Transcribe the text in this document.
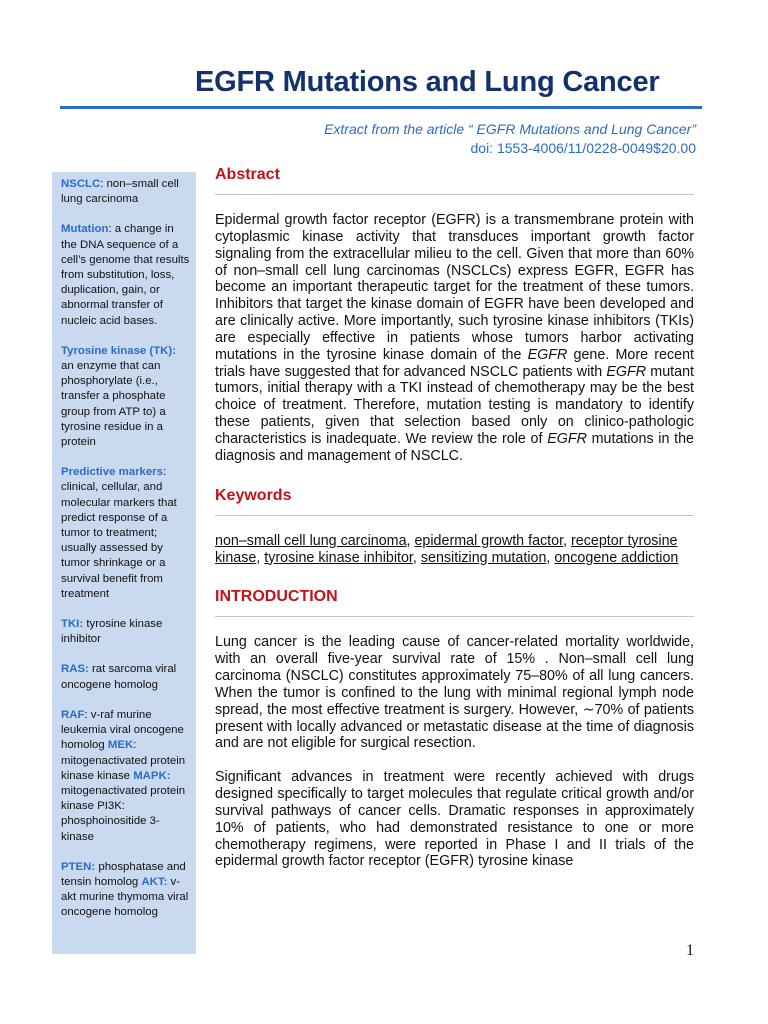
EGFR Mutations and Lung Cancer
Extract from the article “ EGFR Mutations and Lung Cancer”
doi: 1553-4006/11/0228-0049$20.00
NSCLC: non–small cell lung carcinoma
Mutation: a change in the DNA sequence of a cell’s genome that results from substitution, loss, duplication, gain, or abnormal transfer of nucleic acid bases.
Tyrosine kinase (TK): an enzyme that can phosphorylate (i.e., transfer a phosphate group from ATP to) a tyrosine residue in a protein
Predictive markers: clinical, cellular, and molecular markers that predict response of a tumor to treatment; usually assessed by tumor shrinkage or a survival benefit from treatment
TKI: tyrosine kinase inhibitor
RAS: rat sarcoma viral oncogene homolog
RAF: v-raf murine leukemia viral oncogene homolog MEK: mitogenactivated protein kinase kinase MAPK: mitogenactivated protein kinase PI3K: phosphoinositide 3-kinase
PTEN: phosphatase and tensin homolog AKT: v-akt murine thymoma viral oncogene homolog
Abstract

Epidermal growth factor receptor (EGFR) is a transmembrane protein with cytoplasmic kinase activity that transduces important growth factor signaling from the extracellular milieu to the cell. Given that more than 60% of non–small cell lung carcinomas (NSCLCs) express EGFR, EGFR has become an important therapeutic target for the treatment of these tumors. Inhibitors that target the kinase domain of EGFR have been developed and are clinically active. More importantly, such tyrosine kinase inhibitors (TKIs) are especially effective in patients whose tumors harbor activating mutations in the tyrosine kinase domain of the EGFR gene. More recent trials have suggested that for advanced NSCLC patients with EGFR mutant tumors, initial therapy with a TKI instead of chemotherapy may be the best choice of treatment. Therefore, mutation testing is mandatory to identify these patients, given that selection based only on clinico-pathologic characteristics is inadequate. We review the role of EGFR mutations in the diagnosis and management of NSCLC.

Keywords

non–small cell lung carcinoma, epidermal growth factor, receptor tyrosine kinase, tyrosine kinase inhibitor, sensitizing mutation, oncogene addiction

INTRODUCTION

Lung cancer is the leading cause of cancer-related mortality worldwide, with an overall five-year survival rate of 15% . Non–small cell lung carcinoma (NSCLC) constitutes approximately 75–80% of all lung cancers. When the tumor is confined to the lung with minimal regional lymph node spread, the most effective treatment is surgery. However, ∼70% of patients present with locally advanced or metastatic disease at the time of diagnosis and are not eligible for surgical resection.

Significant advances in treatment were recently achieved with drugs designed specifically to target molecules that regulate critical growth and/or survival pathways of cancer cells. Dramatic responses in approximately 10% of patients, who had demonstrated resistance to one or more chemotherapy regimens, were reported in Phase I and II trials of the epidermal growth factor receptor (EGFR) tyrosine kinase

1
